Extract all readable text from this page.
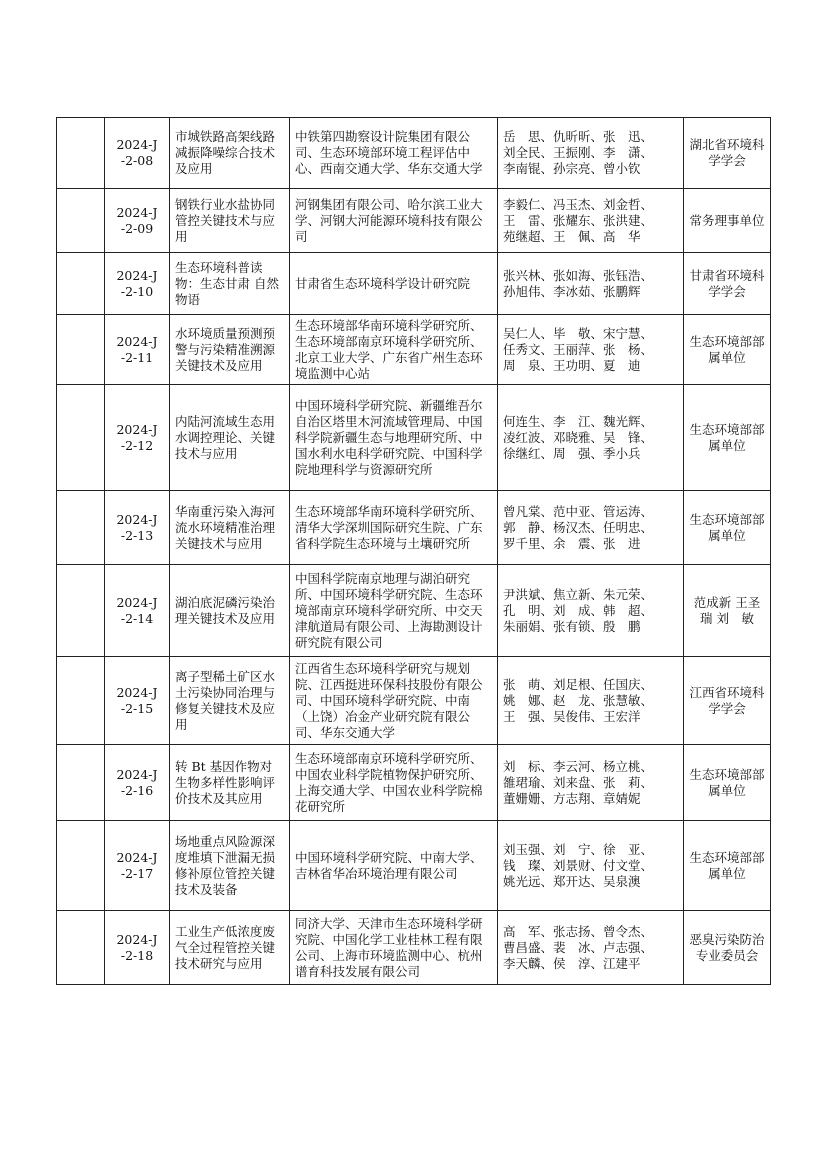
	2024-J
-2-08	市城铁路高架线路减振降噪综合技术及应用	中铁第四勘察设计院集团有限公司、生态环境部环境工程评估中心、西南交通大学、华东交通大学	岳　思、仇昕昕、张　迅、
刘全民、王振刚、李　潇、
李南锟、孙宗亮、曾小钦	湖北省环境科学学会

	2024-J
-2-09	钢铁行业水盐协同管控关键技术与应用	河钢集团有限公司、哈尔滨工业大学、河钢大河能源环境科技有限公司	李毅仁、冯玉杰、刘金哲、
王　雷、张耀东、张洪建、
苑继超、王　佩、高　华	常务理事单位

	2024-J
-2-10	生态环境科普读物：生态甘肃 自然物语	甘肃省生态环境科学设计研究院	张兴林、张如海、张钰浩、
孙旭伟、李冰茹、张鹏辉	甘肃省环境科学学会

	2024-J
-2-11	水环境质量预测预警与污染精准溯源关键技术及应用	生态环境部华南环境科学研究所、生态环境部南京环境科学研究所、北京工业大学、广东省广州生态环境监测中心站	吴仁人、毕　敬、宋宁慧、
任秀文、王丽萍、张　杨、
周　泉、王功明、夏　迪	生态环境部部属单位

	2024-J
-2-12	内陆河流域生态用水调控理论、关键技术与应用	中国环境科学研究院、新疆维吾尔自治区塔里木河流域管理局、中国科学院新疆生态与地理研究所、中国水利水电科学研究院、中国科学院地理科学与资源研究所	何连生、李　江、魏光辉、
凌红波、邓晓雅、吴　锋、
徐继红、周　强、季小兵	生态环境部部属单位

	2024-J
-2-13	华南重污染入海河流水环境精准治理关键技术与应用	生态环境部华南环境科学研究所、清华大学深圳国际研究生院、广东省科学院生态环境与土壤研究所	曾凡棠、范中亚、管运涛、
郭　静、杨汉杰、任明忠、
罗千里、余　震、张　进	生态环境部部属单位

	2024-J
-2-14	湖泊底泥磷污染治理关键技术及应用	中国科学院南京地理与湖泊研究所、中国环境科学研究院、生态环境部南京环境科学研究所、中交天津航道局有限公司、上海勘测设计研究院有限公司	尹洪斌、焦立新、朱元荣、
孔　明、刘　成、韩　超、
朱丽娟、张有锁、殷　鹏	范成新 王圣瑞 刘　敏

	2024-J
-2-15	离子型稀土矿区水土污染协同治理与修复关键技术及应用	江西省生态环境科学研究与规划院、江西挺进环保科技股份有限公司、中国环境科学研究院、中南（上饶）冶金产业研究院有限公司、华东交通大学	张　萌、刘足根、任国庆、
姚　娜、赵　龙、张慧敏、
王　强、吴俊伟、王宏洋	江西省环境科学学会

	2024-J
-2-16	转 Bt 基因作物对生物多样性影响评价技术及其应用	生态环境部南京环境科学研究所、中国农业科学院植物保护研究所、上海交通大学、中国农业科学院棉花研究所	刘　标、李云河、杨立桃、
雒珺瑜、刘来盘、张　莉、
董姗姗、方志翔、章婧妮	生态环境部部属单位

	2024-J
-2-17	场地重点风险源深度堆填下泄漏无损修补原位管控关键技术及装备	中国环境科学研究院、中南大学、吉林省华冶环境治理有限公司	刘玉强、刘　宁、徐　亚、
钱　璨、刘景财、付文堂、
姚光远、郑开达、吴泉澳	生态环境部部属单位

	2024-J
-2-18	工业生产低浓度废气全过程管控关键技术研究与应用	同济大学、天津市生态环境科学研究院、中国化学工业桂林工程有限公司、上海市环境监测中心、杭州谱育科技发展有限公司	高　军、张志扬、曾令杰、
曹昌盛、裴　冰、卢志强、
李天麟、侯　淳、江建平	恶臭污染防治专业委员会
